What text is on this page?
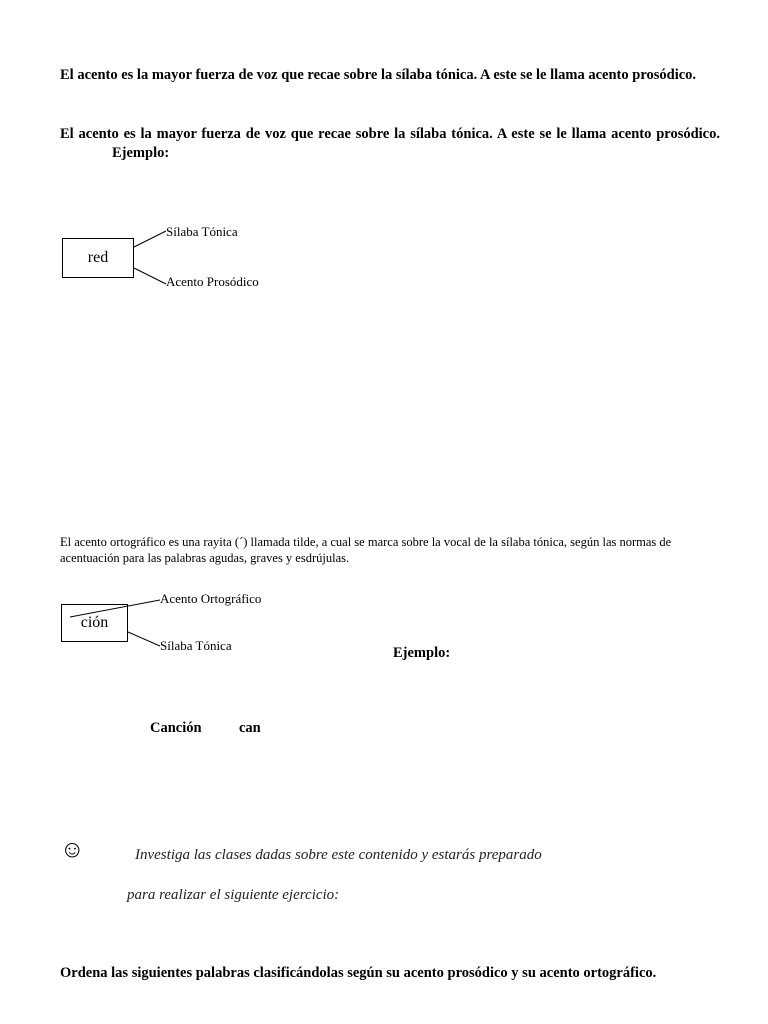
El acento es la mayor fuerza de voz que recae sobre la sílaba tónica. A este se le llama acento prosódico.
El acento es la mayor fuerza de voz que recae sobre la sílaba tónica. A este se le llama acento prosódico.Ejemplo:
red
Sílaba Tónica
Acento Prosódico
El acento ortográfico es una rayita (´) llamada tilde, a cual se marca sobre la vocal de la sílaba tónica, según las normas de acentuación para las palabras agudas, graves y esdrújulas.
ción
Acento Ortográfico
Sílaba Tónica	Ejemplo:
Canción	can
☺	Investiga las clases dadas sobre este contenido y estarás preparado
para realizar el siguiente ejercicio:
Ordena las siguientes palabras clasificándolas según su acento prosódico y su acento ortográfico.
